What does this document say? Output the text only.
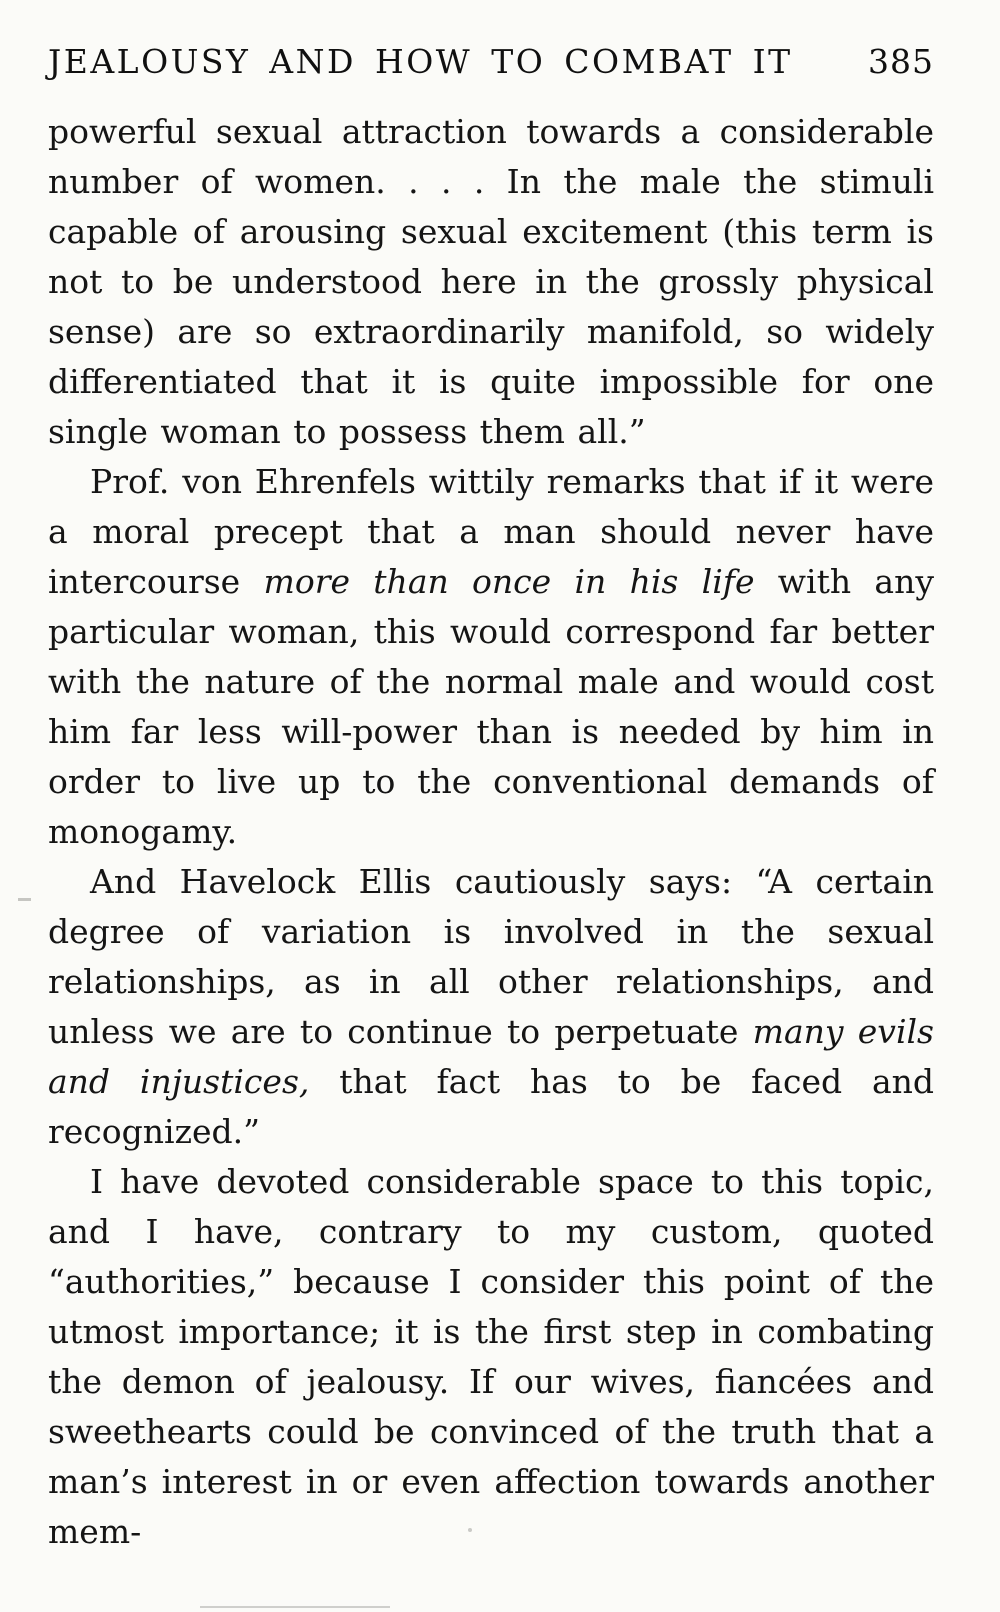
JEALOUSY AND HOW TO COMBAT IT 385

powerful sexual attraction towards a considerable number of women. . . . In the male the stimuli capable of arousing sexual excitement (this term is not to be understood here in the grossly physical sense) are so extraordinarily manifold, so widely differentiated that it is quite impossible for one single woman to possess them all.”

Prof. von Ehrenfels wittily remarks that if it were a moral precept that a man should never have intercourse more than once in his life with any particular woman, this would correspond far better with the nature of the normal male and would cost him far less will-power than is needed by him in order to live up to the conventional demands of monogamy.

And Havelock Ellis cautiously says: “A certain degree of variation is involved in the sexual relationships, as in all other relationships, and unless we are to continue to perpetuate many evils and injustices, that fact has to be faced and recognized.”

I have devoted considerable space to this topic, and I have, contrary to my custom, quoted “authorities,” because I consider this point of the utmost importance; it is the first step in combating the demon of jealousy. If our wives, fiancées and sweethearts could be convinced of the truth that a man’s interest in or even affection towards another mem-
